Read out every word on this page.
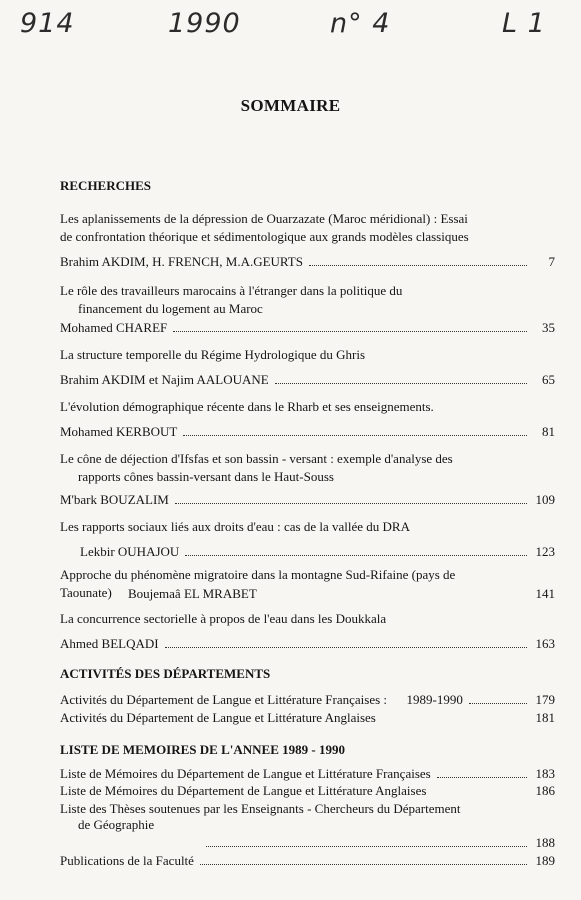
914	1990	n° 4	L 1
SOMMAIRE
RECHERCHES
Les aplanissements de la dépression de Ouarzazate (Maroc méridional) : Essai
de confrontation théorique et sédimentologique aux grands modèles classiques
Brahim AKDIM, H. FRENCH, M.A.GEURTS	7
Le rôle des travailleurs marocains à l'étranger dans la politique du
financement du logement au Maroc
Mohamed CHAREF	35
La structure temporelle du Régime Hydrologique du Ghris
Brahim AKDIM et Najim AALOUANE	65
L'évolution démographique récente dans le Rharb et ses enseignements.
Mohamed KERBOUT	81
Le cône de déjection d'Ifsfas et son bassin - versant : exemple d'analyse des
rapports cônes bassin-versant dans le Haut-Souss
M'bark BOUZALIM	109
Les rapports sociaux liés aux droits d'eau : cas de la vallée du DRA
Lekbir OUHAJOU	123
Approche du phénomène migratoire dans la montagne Sud-Rifaine (pays de
Taounate)	Boujemaâ EL MRABET	141
La concurrence sectorielle à propos de l'eau dans les Doukkala
Ahmed BELQADI	163
ACTIVITÉS DES DÉPARTEMENTS
Activités du Département de Langue et Littérature Françaises :      1989-1990	179
Activités du Département de Langue et Littérature Anglaises	181
LISTE DE MEMOIRES DE L'ANNEE 1989 - 1990
Liste de Mémoires du Département de Langue et Littérature Françaises	183
Liste de Mémoires du Département de Langue et Littérature Anglaises	186
Liste des Thèses soutenues par les Enseignants - Chercheurs du Département
de Géographie
188
Publications de la Faculté	189
